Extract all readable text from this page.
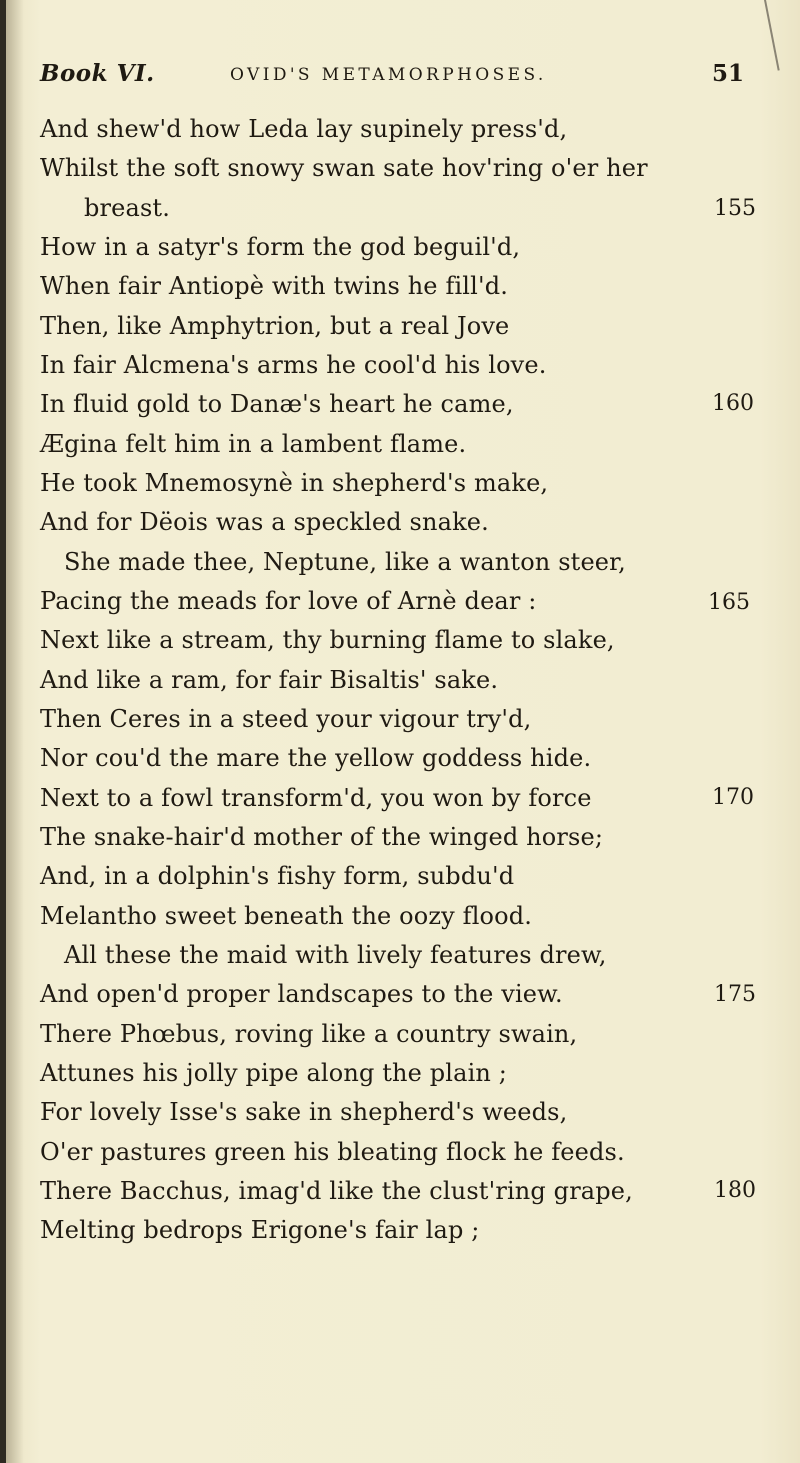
Book VI.	OVID'S METAMORPHOSES.	51
And shew'd how Leda lay supinely press'd,
Whilst the soft snowy swan sate hov'ring o'er her
breast.	155
How in a satyr's form the god beguil'd,
When fair Antiopè with twins he fill'd.
Then, like Amphytrion, but a real Jove
In fair Alcmena's arms he cool'd his love.
In fluid gold to Danæ's heart he came,	160
Ægina felt him in a lambent flame.
He took Mnemosynè in shepherd's make,
And for Dëois was a speckled snake.
She made thee, Neptune, like a wanton steer,
Pacing the meads for love of Arnè dear :	165
Next like a stream, thy burning flame to slake,
And like a ram, for fair Bisaltis' sake.
Then Ceres in a steed your vigour try'd,
Nor cou'd the mare the yellow goddess hide.
Next to a fowl transform'd, you won by force	170
The snake-hair'd mother of the winged horse;
And, in a dolphin's fishy form, subdu'd
Melantho sweet beneath the oozy flood.
All these the maid with lively features drew,
And open'd proper landscapes to the view.	175
There Phœbus, roving like a country swain,
Attunes his jolly pipe along the plain ;
For lovely Isse's sake in shepherd's weeds,
O'er pastures green his bleating flock he feeds.
There Bacchus, imag'd like the clust'ring grape,	180
Melting bedrops Erigone's fair lap ;
